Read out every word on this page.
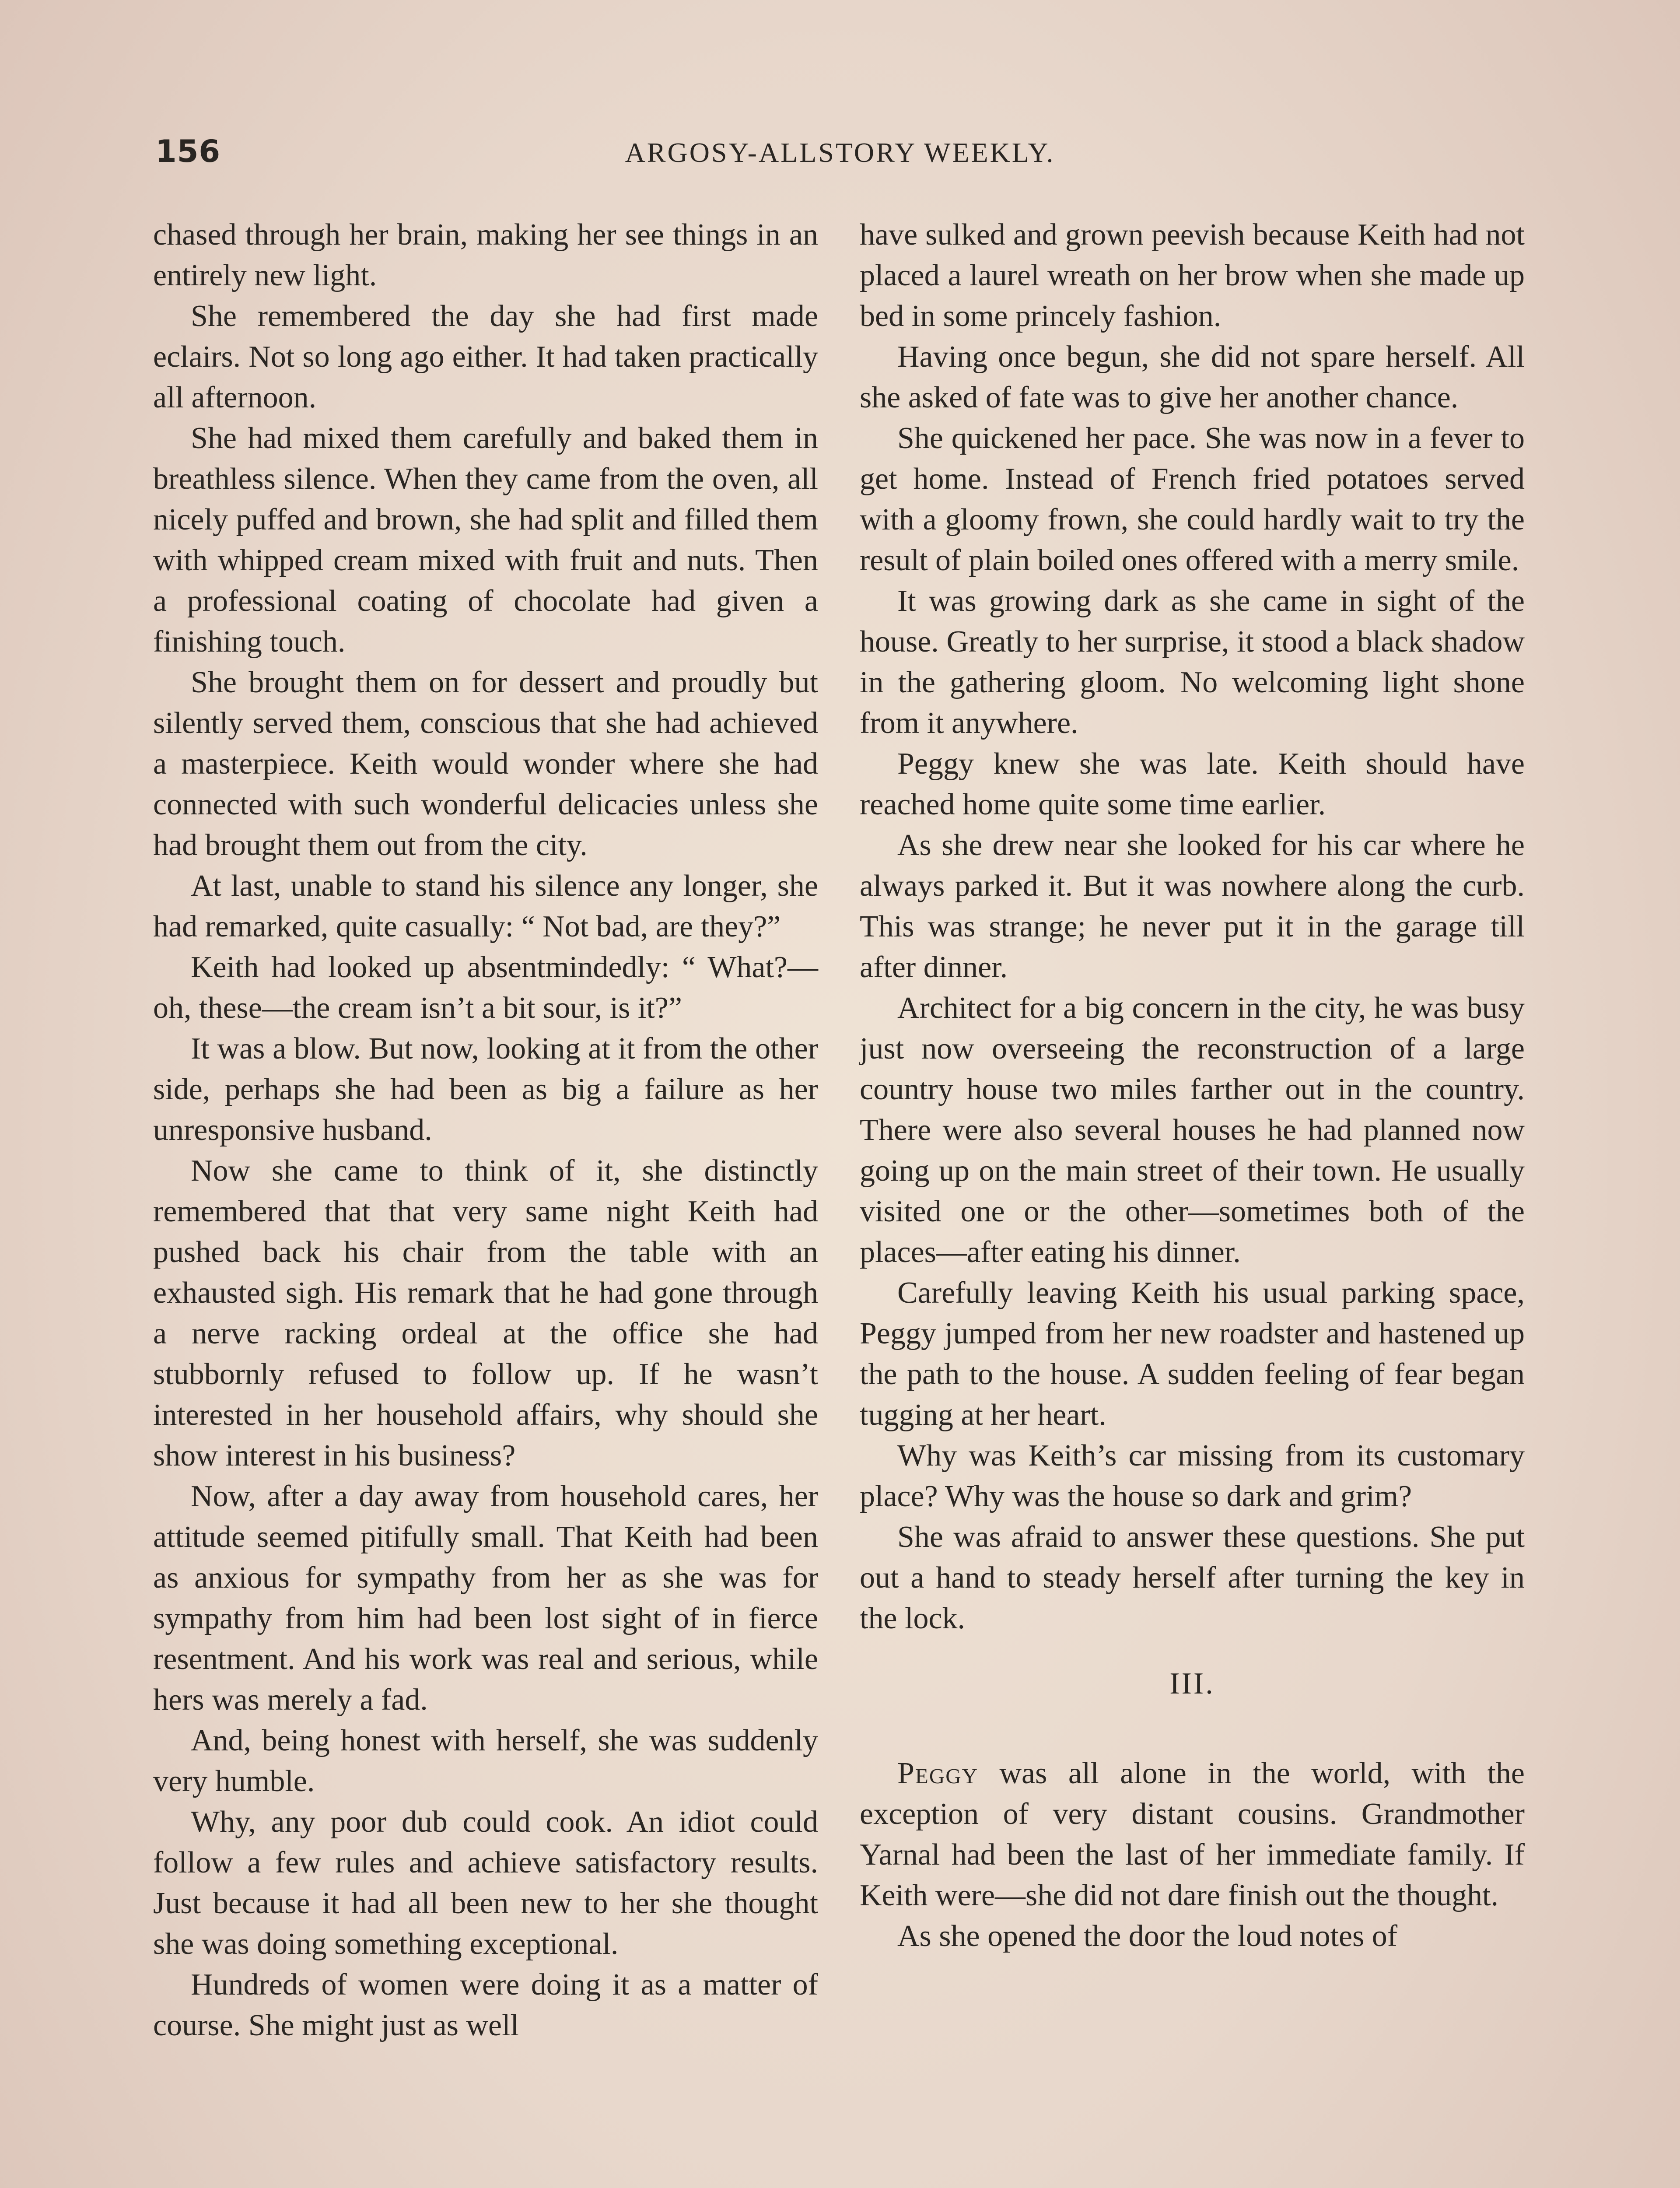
156	ARGOSY-ALLSTORY WEEKLY.

chased through her brain, making her see things in an entirely new light.

She remembered the day she had first made eclairs. Not so long ago either. It had taken practically all afternoon.

She had mixed them carefully and baked them in breathless silence. When they came from the oven, all nicely puffed and brown, she had split and filled them with whipped cream mixed with fruit and nuts. Then a professional coating of chocolate had given a finishing touch.

She brought them on for dessert and proudly but silently served them, conscious that she had achieved a masterpiece. Keith would wonder where she had connected with such wonderful delicacies unless she had brought them out from the city.

At last, unable to stand his silence any longer, she had remarked, quite casually: “ Not bad, are they?”

Keith had looked up absentmindedly: “ What?—oh, these—the cream isn’t a bit sour, is it?”

It was a blow. But now, looking at it from the other side, perhaps she had been as big a failure as her unresponsive husband.

Now she came to think of it, she distinctly remembered that that very same night Keith had pushed back his chair from the table with an exhausted sigh. His remark that he had gone through a nerve racking ordeal at the office she had stubbornly refused to follow up. If he wasn’t interested in her household affairs, why should she show interest in his business?

Now, after a day away from household cares, her attitude seemed pitifully small. That Keith had been as anxious for sympathy from her as she was for sympathy from him had been lost sight of in fierce resentment. And his work was real and serious, while hers was merely a fad.

And, being honest with herself, she was suddenly very humble.

Why, any poor dub could cook. An idiot could follow a few rules and achieve satisfactory results. Just because it had all been new to her she thought she was doing something exceptional.

Hundreds of women were doing it as a matter of course. She might just as well

have sulked and grown peevish because Keith had not placed a laurel wreath on her brow when she made up bed in some princely fashion.

Having once begun, she did not spare herself. All she asked of fate was to give her another chance.

She quickened her pace. She was now in a fever to get home. Instead of French fried potatoes served with a gloomy frown, she could hardly wait to try the result of plain boiled ones offered with a merry smile.

It was growing dark as she came in sight of the house. Greatly to her surprise, it stood a black shadow in the gathering gloom. No welcoming light shone from it anywhere.

Peggy knew she was late. Keith should have reached home quite some time earlier.

As she drew near she looked for his car where he always parked it. But it was nowhere along the curb. This was strange; he never put it in the garage till after dinner.

Architect for a big concern in the city, he was busy just now overseeing the reconstruction of a large country house two miles farther out in the country. There were also several houses he had planned now going up on the main street of their town. He usually visited one or the other—sometimes both of the places—after eating his dinner.

Carefully leaving Keith his usual parking space, Peggy jumped from her new roadster and hastened up the path to the house. A sudden feeling of fear began tugging at her heart.

Why was Keith’s car missing from its customary place? Why was the house so dark and grim?

She was afraid to answer these questions. She put out a hand to steady herself after turning the key in the lock.

III.

Peggy was all alone in the world, with the exception of very distant cousins. Grandmother Yarnal had been the last of her immediate family. If Keith were—she did not dare finish out the thought.

As she opened the door the loud notes of
